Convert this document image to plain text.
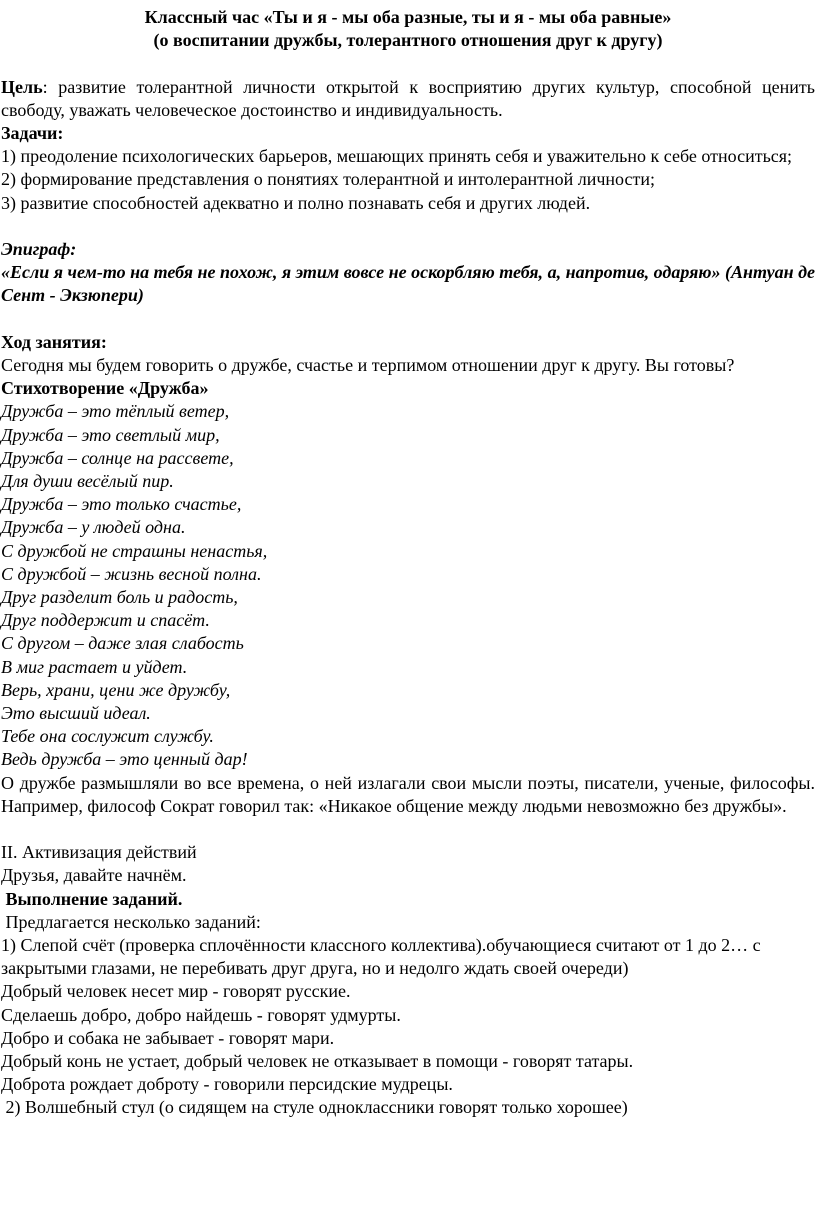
Классный час «Ты и я - мы оба разные, ты и я - мы оба равные»

(о воспитании дружбы, толерантного отношения друг к другу)

Цель: развитие толерантной личности открытой к восприятию других культур, способной ценить свободу, уважать человеческое достоинство и индивидуальность.

Задачи:

1) преодоление психологических барьеров, мешающих принять себя и уважительно к себе относиться;

2) формирование представления о понятиях толерантной и интолерантной личности;

3) развитие способностей адекватно и полно познавать себя и других людей.

Эпиграф:

«Если я чем-то на тебя не похож, я этим вовсе не оскорбляю тебя, а, напротив, одаряю» (Антуан де Сент - Экзюпери)

Ход занятия:

Сегодня мы будем говорить о дружбе, счастье и терпимом отношении друг к другу. Вы готовы?

Стихотворение «Дружба»

Дружба – это тёплый ветер,

Дружба – это светлый мир,

Дружба – солнце на рассвете,

Для души весёлый пир.

Дружба – это только счастье,

Дружба – у людей одна.

С дружбой не страшны ненастья,

С дружбой – жизнь весной полна.

Друг разделит боль и радость,

Друг поддержит и спасёт.

С другом – даже злая слабость

В миг растает и уйдет.

Верь, храни, цени же дружбу,

Это высший идеал.

Тебе она сослужит службу.

Ведь дружба – это ценный дар!

О дружбе размышляли во все времена, о ней излагали свои мысли поэты, писатели, ученые, философы. Например, философ Сократ говорил так: «Никакое общение между людьми невозможно без дружбы».

II. Активизация действий

Друзья, давайте начнём.

Выполнение заданий.

Предлагается несколько заданий:

1) Слепой счёт (проверка сплочённости классного коллектива).обучающиеся считают от 1 до 2… с закрытыми глазами, не перебивать друг друга, но и недолго ждать своей очереди)

Добрый человек несет мир - говорят русские.

Сделаешь добро, добро найдешь - говорят удмурты.

Добро и собака не забывает - говорят мари.

Добрый конь не устает, добрый человек не отказывает в помощи - говорят татары.

Доброта рождает доброту - говорили персидские мудрецы.

2) Волшебный стул (о сидящем на стуле одноклассники говорят только хорошее)
